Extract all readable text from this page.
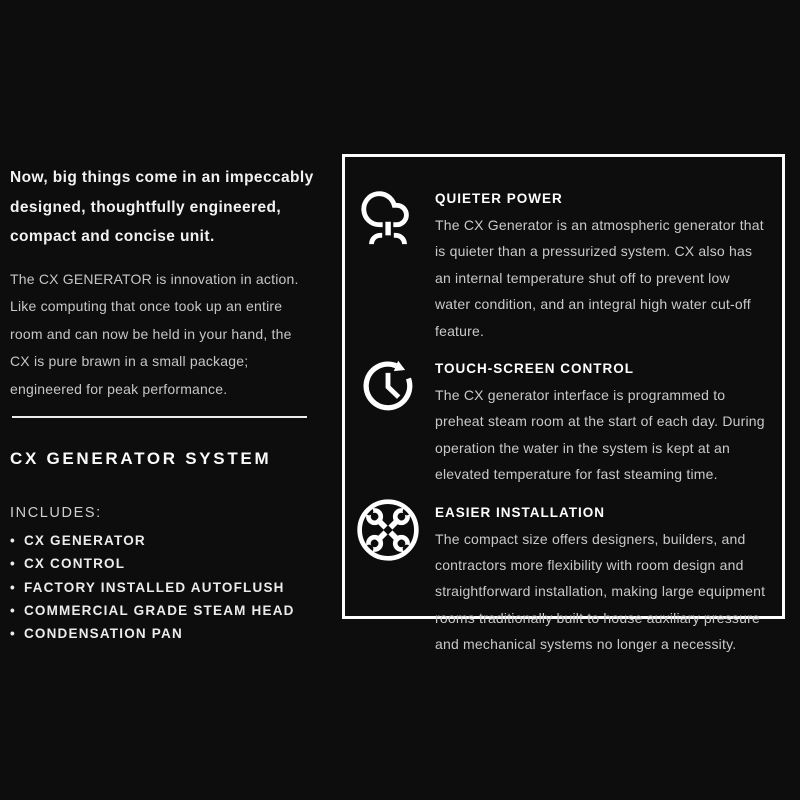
Now, big things come in an impeccably designed, thoughtfully engineered, compact and concise unit.

The CX GENERATOR is innovation in action. Like computing that once took up an entire room and can now be held in your hand, the CX is pure brawn in a small package; engineered for peak performance.

CX GENERATOR SYSTEM
INCLUDES:
• CX GENERATOR
• CX CONTROL
• FACTORY INSTALLED AUTOFLUSH
• COMMERCIAL GRADE STEAM HEAD
• CONDENSATION PAN
QUIETER POWER

The CX Generator is an atmospheric generator that is quieter than a pressurized system. CX also has an internal temperature shut off to prevent low water condition, and an integral high water cut-off feature.

TOUCH-SCREEN CONTROL

The CX generator interface is programmed to preheat steam room at the start of each day. During operation the water in the system is kept at an elevated temperature for fast steaming time.

EASIER INSTALLATION

The compact size offers designers, builders, and contractors more flexibility with room design and straightforward installation, making large equipment rooms traditionally built to house auxiliary pressure and mechanical systems no longer a necessity.
